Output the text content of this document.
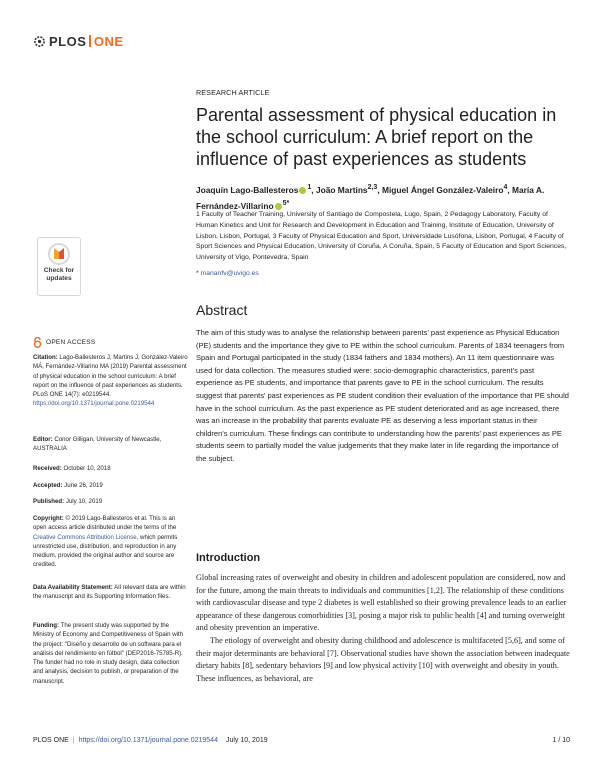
PLOS ONE
RESEARCH ARTICLE
Parental assessment of physical education in the school curriculum: A brief report on the influence of past experiences as students
Joaquín Lago-Ballesteros $^1$, João Martins$^{2,3}$, Miguel Ángel González-Valeiro$^4$, María A. Fernández-Villarino $^{5*}$
1 Faculty of Teacher Training, University of Santiago de Compostela, Lugo, Spain, 2 Pedagogy Laboratory, Faculty of Human Kinetics and Unit for Research and Development in Education and Training, Institute of Education, University of Lisbon, Lisbon, Portugal, 3 Faculty of Physical Education and Sport, Universidade Lusófona, Lisbon, Portugal, 4 Faculty of Sport Sciences and Physical Education, University of Coruña, A Coruña, Spain, 5 Faculty of Education and Sport Sciences, University of Vigo, Pontevedra, Spain
* marianfv@uvigo.es
Abstract
The aim of this study was to analyse the relationship between parents' past experience as Physical Education (PE) students and the importance they give to PE within the school curriculum. Parents of 1834 teenagers from Spain and Portugal participated in the study (1834 fathers and 1834 mothers). An 11 item questionnaire was used for data collection. The measures studied were: socio-demographic characteristics, parent's past experience as PE students, and importance that parents gave to PE in the school curriculum. The results suggest that parents' past experiences as PE student condition their evaluation of the importance that PE should have in the school curriculum. As the past experience as PE student deteriorated and as age increased, there was an increase in the probability that parents evaluate PE as deserving a less important status in their children's curriculum. These findings can contribute to understanding how the parents' past experiences as PE students seem to partially model the value judgements that they make later in life regarding the importance of the subject.
Introduction

Global increasing rates of overweight and obesity in children and adolescent population are considered, now and for the future, among the main threats to individuals and communities [1,2]. The relationship of these conditions with cardiovascular disease and type 2 diabetes is well established so their growing prevalence leads to an earlier appearance of these dangerous comorbidities [3], posing a major risk to public health [4] and turning overweight and obesity prevention an imperative.

The etiology of overweight and obesity during childhood and adolescence is multifaceted [5,6], and some of their major determinants are behavioral [7]. Observational studies have shown the association between inadequate dietary habits [8], sedentary behaviors [9] and low physical activity [10] with overweight and obesity in youth. These influences, as behavioral, are

Check for
updates
OPEN ACCESS

Citation: Lago-Ballesteros J, Martins J, González-Valeiro MÁ, Fernández-Villarino MA (2019) Parental assessment of physical education in the school curriculum: A brief report on the influence of past experiences as students. PLoS ONE 14(7): e0219544. https://doi.org/10.1371/journal.pone.0219544

Editor: Conor Gilligan, University of Newcastle, AUSTRALIA

Received: October 10, 2018
Accepted: June 26, 2019
Published: July 10, 2019

Copyright: © 2019 Lago-Ballesteros et al. This is an open access article distributed under the terms of the Creative Commons Attribution License, which permits unrestricted use, distribution, and reproduction in any medium, provided the original author and source are credited.

Data Availability Statement: All relevant data are within the manuscript and its Supporting Information files.

Funding: The present study was supported by the Ministry of Economy and Competitiveness of Spain with the project: "Diseño y desarrollo de un software para el análisis del rendimiento en fútbol" (DEP2016-75785-R). The funder had no role in study design, data collection and analysis, decision to publish, or preparation of the manuscript.

PLOS ONE | https://doi.org/10.1371/journal.pone.0219544 July 10, 2019	1 / 10
